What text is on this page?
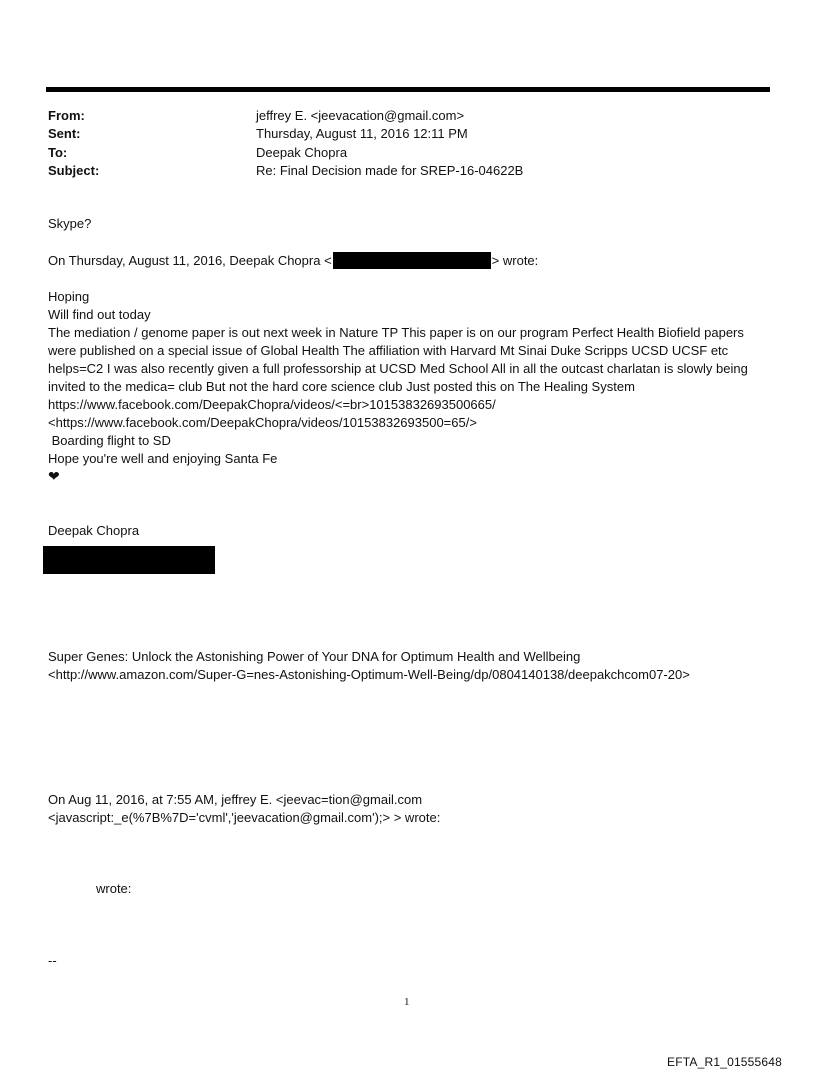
From:	jeffrey E. <jeevacation@gmail.com>
Sent:	Thursday, August 11, 2016 12:11 PM
To:	Deepak Chopra
Subject:	Re: Final Decision made for SREP-16-04622B
Skype?
On Thursday, August 11, 2016, Deepak Chopra <	> wrote:
Hoping
Will find out today
The mediation / genome paper is out next week in Nature TP This paper is on our program Perfect Health Biofield papers
were published on a special issue of Global Health The affiliation with Harvard Mt Sinai Duke Scripps UCSD UCSF etc
helps=C2 I was also recently given a full professorship at UCSD Med School All in all the outcast charlatan is slowly being
invited to the medica= club But not the hard core science club Just posted this on The Healing System
https://www.facebook.com/DeepakChopra/videos/<=br>10153832693500665/
<https://www.facebook.com/DeepakChopra/videos/10153832693500=65/>
Boarding flight to SD
Hope you're well and enjoying Santa Fe
❤
Deepak Chopra
Super Genes: Unlock the Astonishing Power of Your DNA for Optimum Health and Wellbeing
<http://www.amazon.com/Super-G=nes-Astonishing-Optimum-Well-Being/dp/0804140138/deepakchcom07-20>
On Aug 11, 2016, at 7:55 AM, jeffrey E. <jeevac=tion@gmail.com
<javascript:_e(%7B%7D='cvml','jeevacation@gmail.com');> > wrote:
wrote:
--
1
EFTA_R1_01555648
